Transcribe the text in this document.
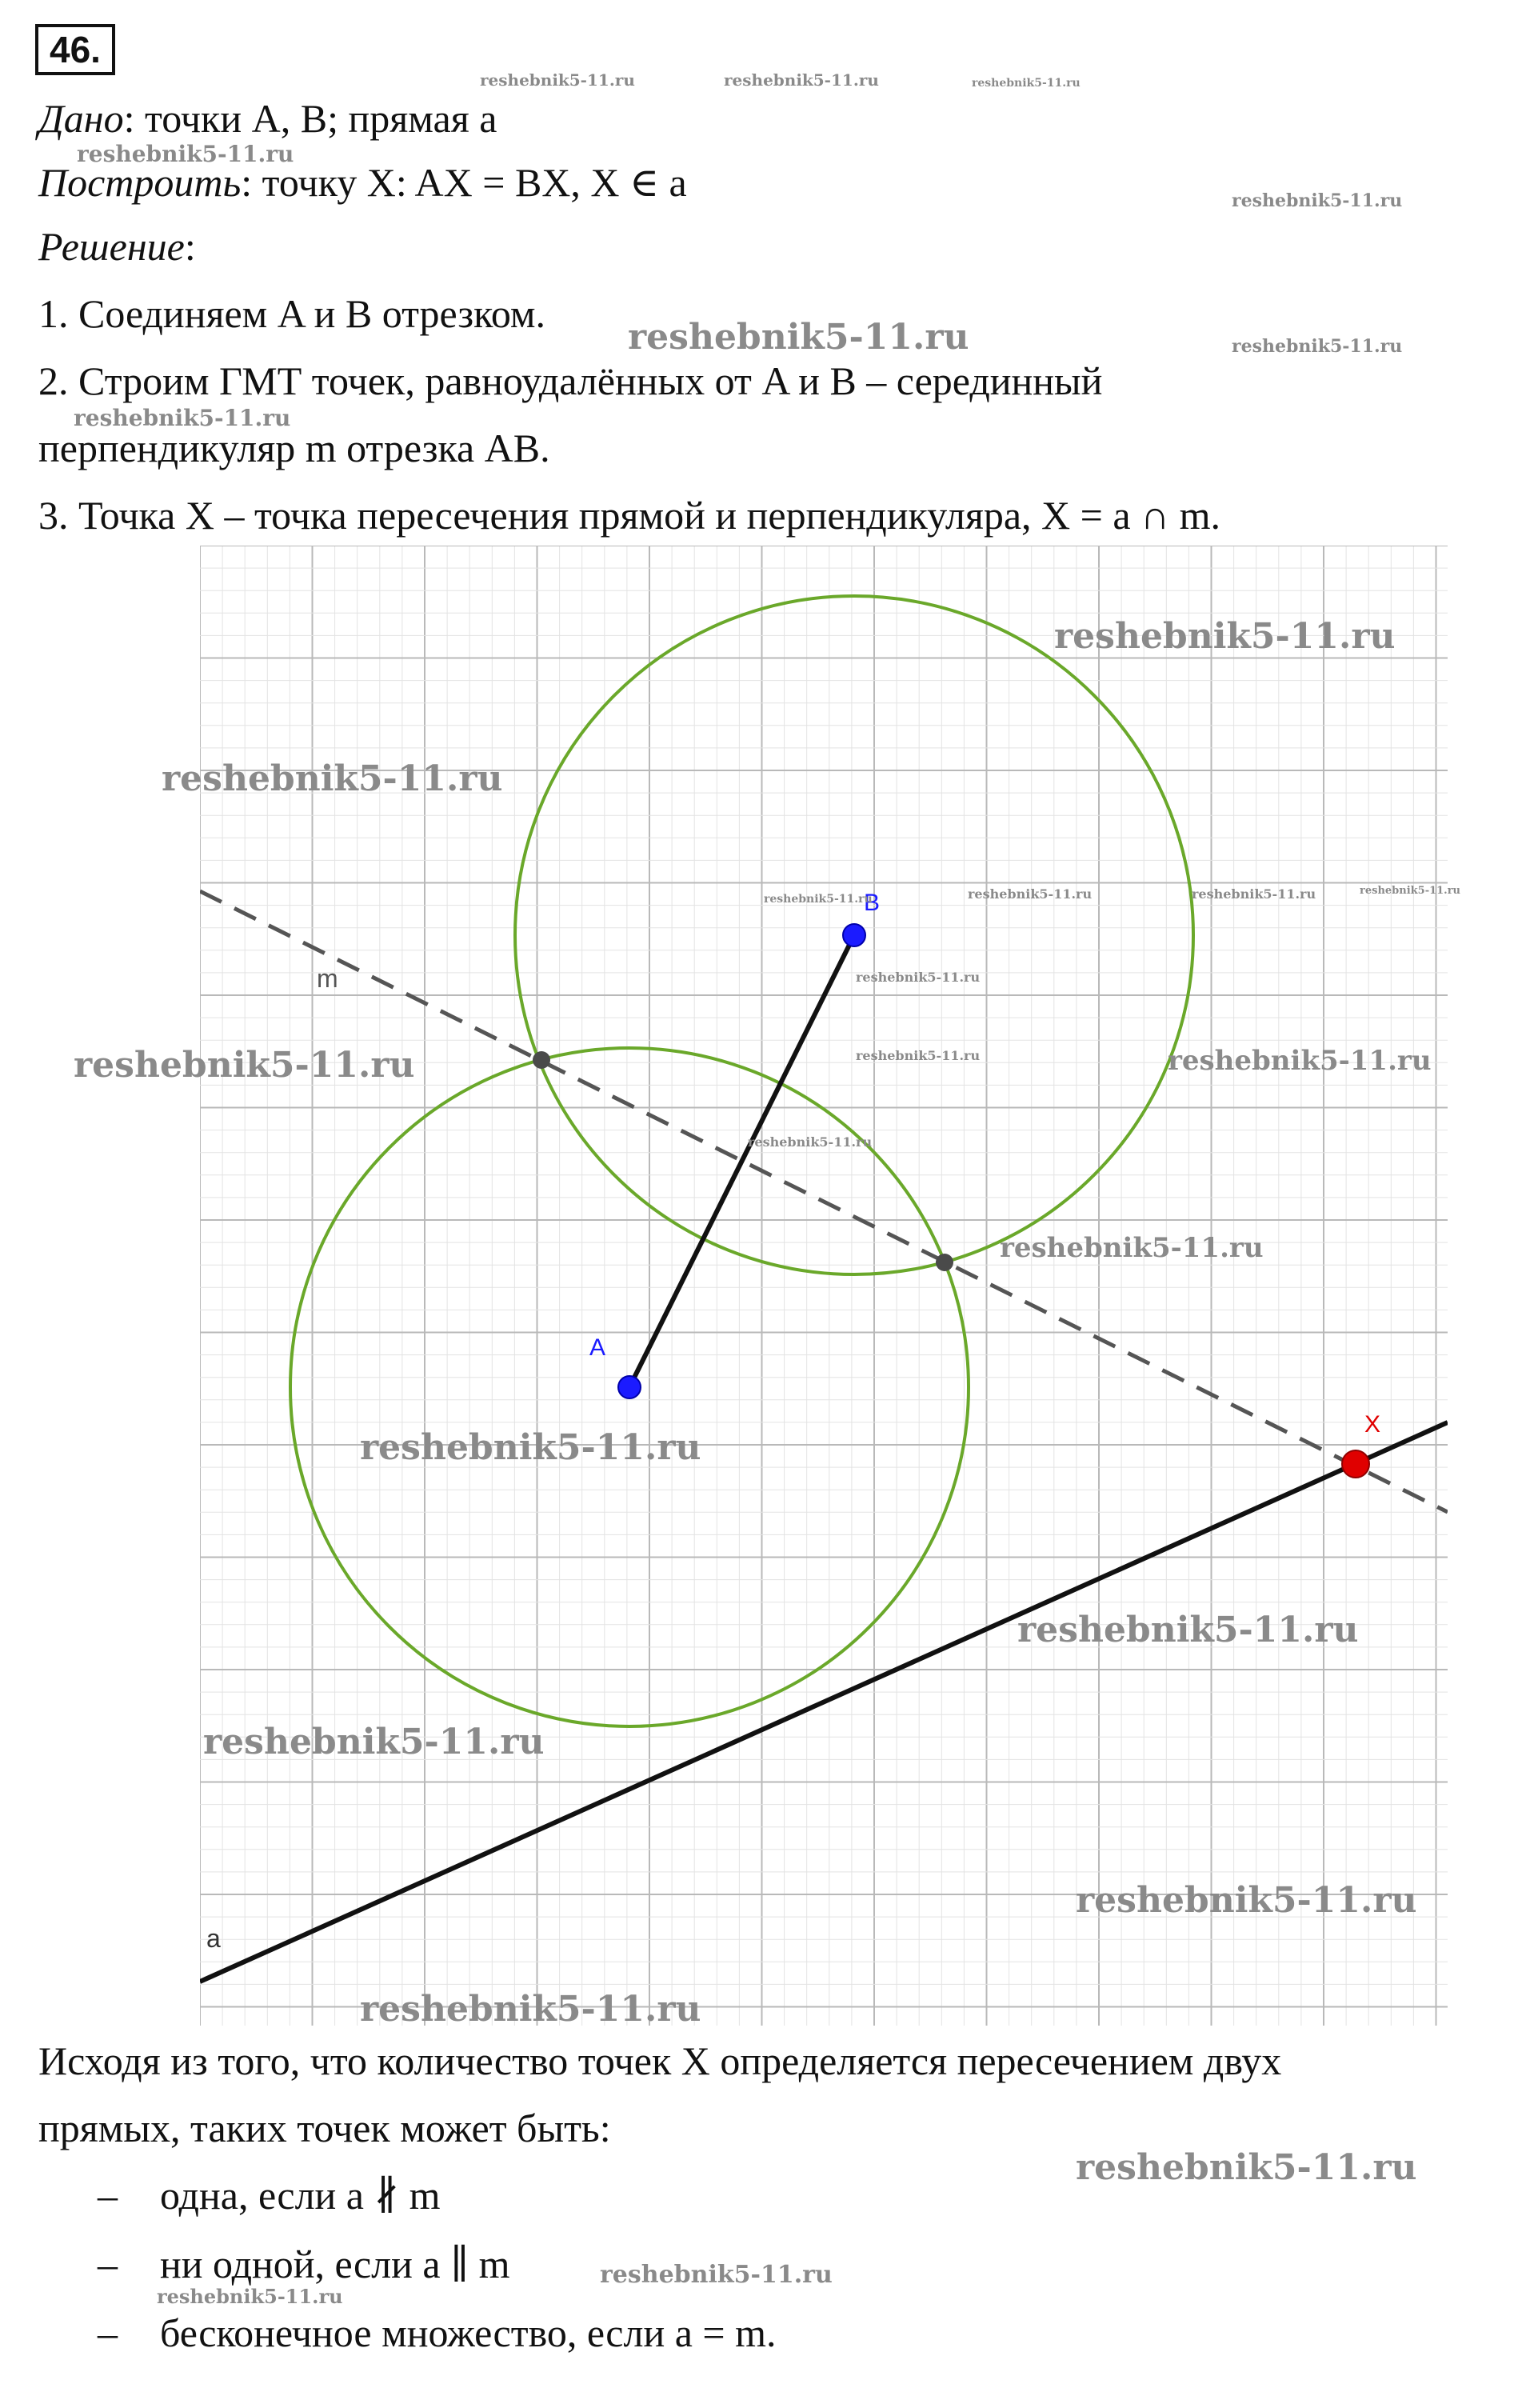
46.
Дано: точки A, B; прямая a
Построить: точку X: AX = BX, X ∈ a
Решение:
1. Соединяем A и B отрезком.
2. Строим ГМТ точек, равноудалённых от A и B – серединный
перпендикуляр m отрезка AB.
3. Точка X – точка пересечения прямой и перпендикуляра, X = a ∩ m.
A
B
X
m
a
Исходя из того, что количество точек X определяется пересечением двух
прямых, таких точек может быть:
– одна, если a ∦ m
– ни одной, если a ∥ m
– бесконечное множество, если a = m.
reshebnik5-11.ru	reshebnik5-11.ru	reshebnik5-11.ru
reshebnik5-11.ru
reshebnik5-11.ru
reshebnik5-11.ru	reshebnik5-11.ru
reshebnik5-11.ru
reshebnik5-11.ru
reshebnik5-11.ru
reshebnik5-11.ru	reshebnik5-11.ru	reshebnik5-11.ru	reshebnik5-11.ru
reshebnik5-11.ru
reshebnik5-11.ru	reshebnik5-11.ru	reshebnik5-11.ru
reshebnik5-11.ru
reshebnik5-11.ru
reshebnik5-11.ru
reshebnik5-11.ru
reshebnik5-11.ru
reshebnik5-11.ru
reshebnik5-11.ru
reshebnik5-11.ru
reshebnik5-11.ru
reshebnik5-11.ru
